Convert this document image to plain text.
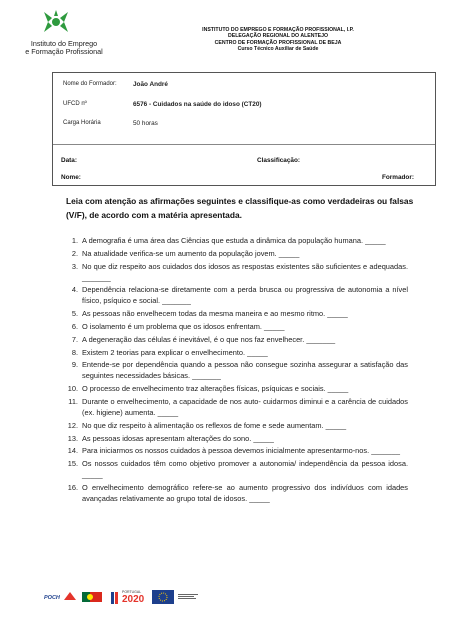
Instituto do Emprego
e Formação Profissional
INSTITUTO DO EMPREGO E FORMAÇÃO PROFISSIONAL, I.P.
DELEGAÇÃO REGIONAL DO ALENTEJO
CENTRO DE FORMAÇÃO PROFISSIONAL DE BEJA
Curso Técnico Auxiliar de Saúde
Nome do Formador:	João André
UFCD nº	6576 - Cuidados na saúde do idoso (CT20)
Carga Horária	50 horas
Data:	Classificação:
Nome:	Formador:
Leia com atenção as afirmações seguintes e classifique-as como verdadeiras ou falsas (V/F), de acordo com a matéria apresentada.
1. A demografia é uma área das Ciências que estuda a dinâmica da população humana. _____
2. Na atualidade verifica-se um aumento da população jovem. _____
3. No que diz respeito aos cuidados dos idosos as respostas existentes são suficientes e adequadas. _______
4. Dependência relaciona-se diretamente com a perda brusca ou progressiva de autonomia a nível físico, psíquico e social. _______
5. As pessoas não envelhecem todas da mesma maneira e ao mesmo ritmo. _____
6. O isolamento é um problema que os idosos enfrentam. _____
7. A degeneração das células é inevitável, é o que nos faz envelhecer. _______
8. Existem 2 teorias para explicar o envelhecimento. _____
9. Entende-se por dependência quando a pessoa não consegue sozinha assegurar a satisfação das seguintes necessidades básicas. _______
10. O processo de envelhecimento traz alterações físicas, psíquicas e sociais. _____
11. Durante o envelhecimento, a capacidade de nos auto- cuidarmos diminui e a carência de cuidados (ex. higiene) aumenta. _____
12. No que diz respeito à alimentação os reflexos de fome e sede aumentam. _____
13. As pessoas idosas apresentam alterações do sono. _____
14. Para iniciarmos os nossos cuidados à pessoa devemos inicialmente apresentarmo-nos. _______
15. Os nossos cuidados têm como objetivo promover a autonomia/ independência da pessoa idosa. _____
16. O envelhecimento demográfico refere-se ao aumento progressivo dos indivíduos com idades avançadas relativamente ao grupo total de idosos. _____
POCH
PORTUGAL
2020
